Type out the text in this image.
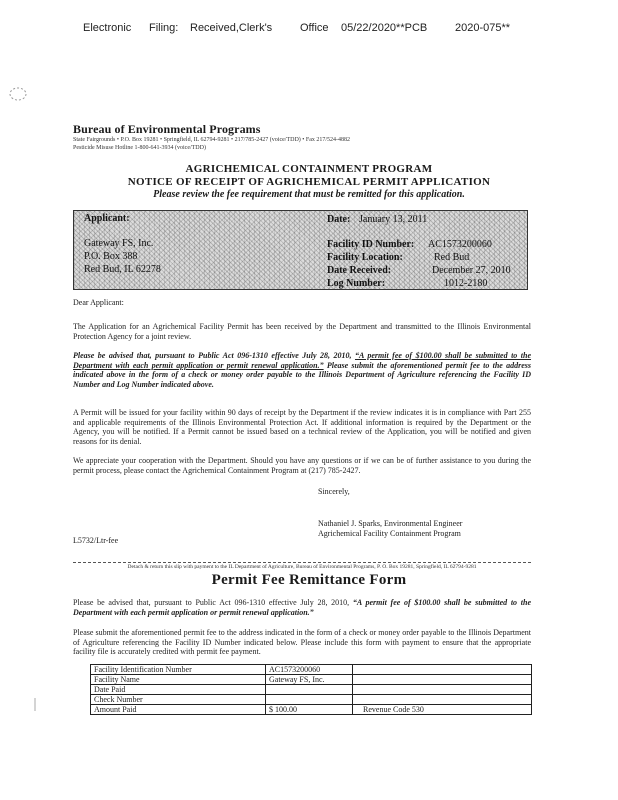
Electronic Filing: Received,Clerk's	Office 05/22/2020**PCB	2020-075**
Bureau of Environmental Programs
State Fairgrounds • P.O. Box 19281 • Springfield, IL 62794-9281 • 217/785-2427 (voice/TDD) • Fax 217/524-4882
Pesticide Misuse Hotline 1-800-641-3934 (voice/TDD)
AGRICHEMICAL CONTAINMENT PROGRAM
NOTICE OF RECEIPT OF AGRICHEMICAL PERMIT APPLICATION
Please review the fee requirement that must be remitted for this application.
Applicant:
Gateway FS, Inc.
P.O. Box 388
Red Bud, IL 62278
Date: January 13, 2011
Facility ID Number: AC1573200060
Facility Location:	Red Bud
Date Received:	December 27, 2010
Log Number:	1012-2180
Dear Applicant:
The Application for an Agrichemical Facility Permit has been received by the Department and transmitted to the Illinois Environmental Protection Agency for a joint review.
Please be advised that, pursuant to Public Act 096-1310 effective July 28, 2010, “A permit fee of $100.00 shall be submitted to the Department with each permit application or permit renewal application.” Please submit the aforementioned permit fee to the address indicated above in the form of a check or money order payable to the Illinois Department of Agriculture referencing the Facility ID Number and Log Number indicated above.
A Permit will be issued for your facility within 90 days of receipt by the Department if the review indicates it is in compliance with Part 255 and applicable requirements of the Illinois Environmental Protection Act. If additional information is required by the Department or the Agency, you will be notified. If a Permit cannot be issued based on a technical review of the Application, you will be notified and given reasons for its denial.
We appreciate your cooperation with the Department. Should you have any questions or if we can be of further assistance to you during the permit process, please contact the Agrichemical Containment Program at (217) 785-2427.
Sincerely,
Nathaniel J. Sparks, Environmental Engineer
Agrichemical Facility Containment Program
L5732/Ltr-fee
Detach & return this slip with payment to the IL Department of Agriculture, Bureau of Environmental Programs, P. O. Box 19281, Springfield, IL 62794-9281
Permit Fee Remittance Form
Please be advised that, pursuant to Public Act 096-1310 effective July 28, 2010, “A permit fee of $100.00 shall be submitted to the Department with each permit application or permit renewal application.”
Please submit the aforementioned permit fee to the address indicated in the form of a check or money order payable to the Illinois Department of Agriculture referencing the Facility ID Number indicated below. Please include this form with payment to ensure that the appropriate facility file is accurately credited with permit fee payment.
Facility Identification Number	AC1573200060	
Facility Name	Gateway FS, Inc.	
Date Paid		
Check Number		
Amount Paid	$ 100.00	Revenue Code 530
